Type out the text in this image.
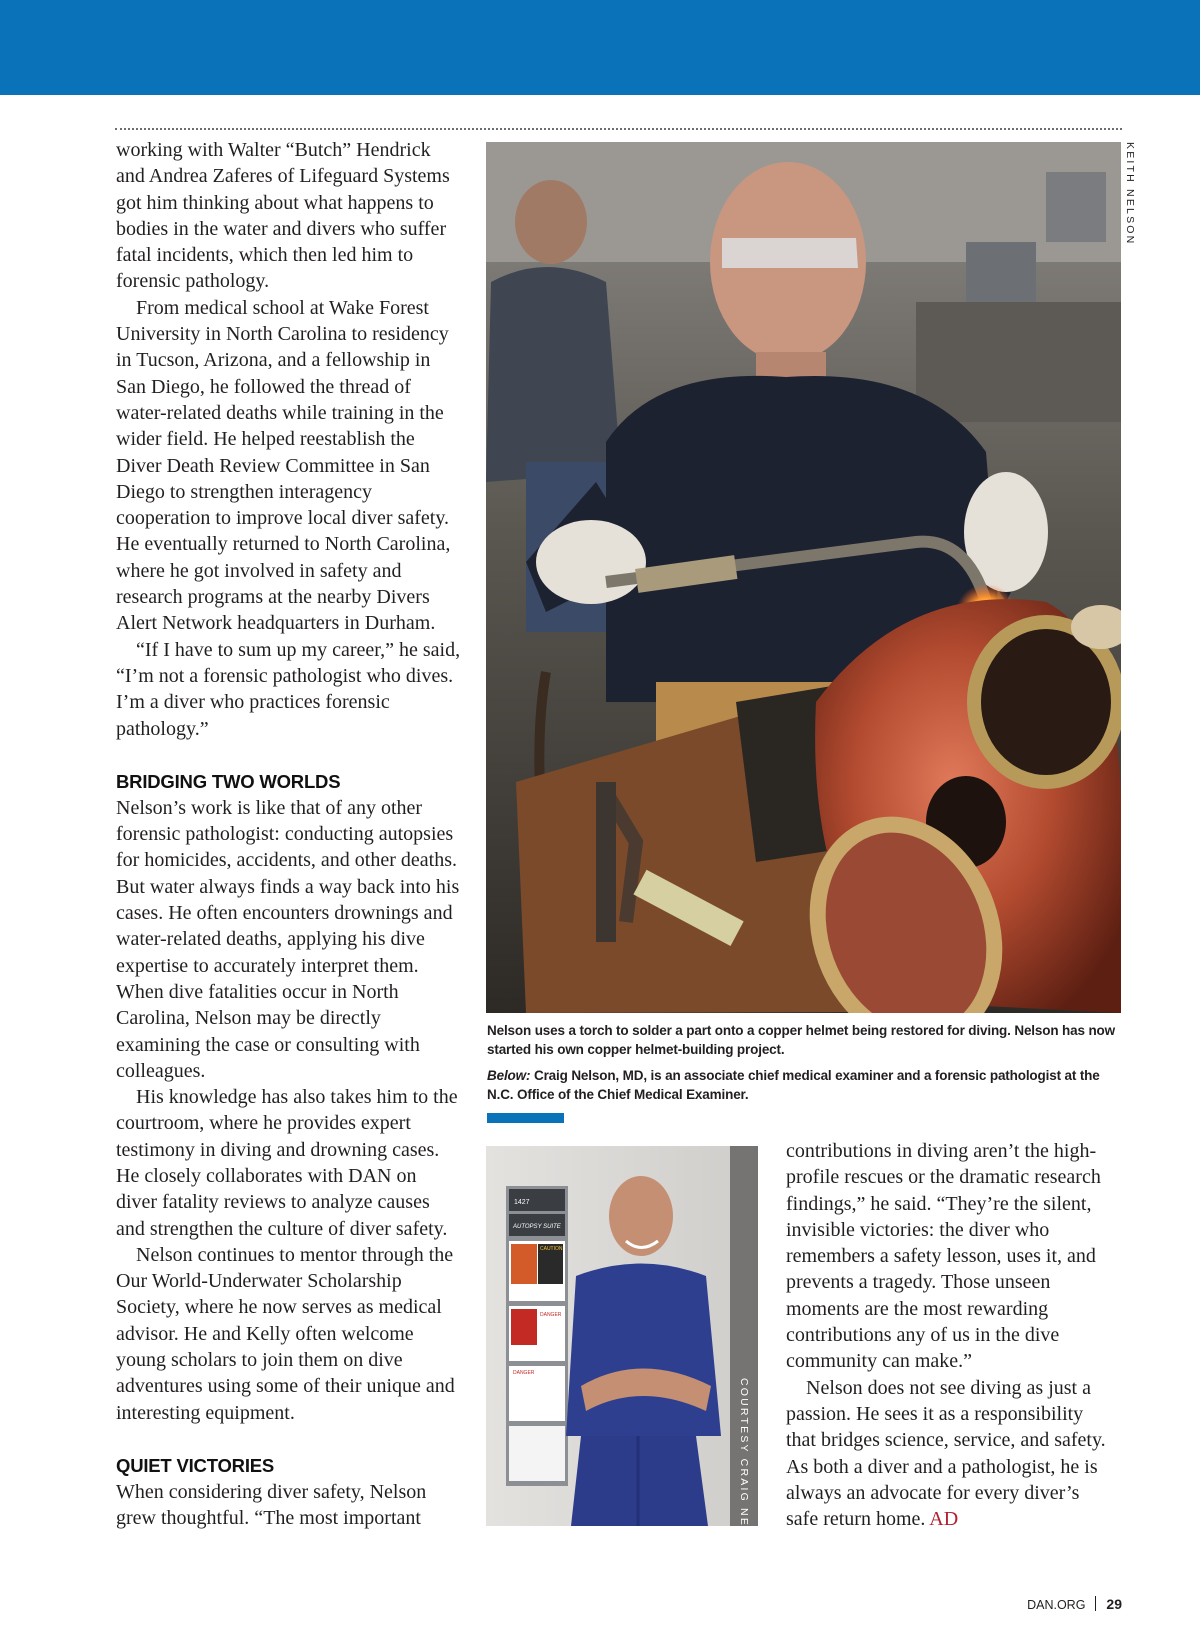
working with Walter “Butch” Hendrick and Andrea Zaferes of Lifeguard Systems got him thinking about what happens to bodies in the water and divers who suffer fatal incidents, which then led him to forensic pathology.

From medical school at Wake Forest University in North Carolina to residency in Tucson, Arizona, and a fellowship in San Diego, he followed the thread of water-related deaths while training in the wider field. He helped reestablish the Diver Death Review Committee in San Diego to strengthen interagency cooperation to improve local diver safety. He eventually returned to North Carolina, where he got involved in safety and research programs at the nearby Divers Alert Network headquarters in Durham.

“If I have to sum up my career,” he said, “I’m not a forensic pathologist who dives. I’m a diver who practices forensic pathology.”

BRIDGING TWO WORLDS

Nelson’s work is like that of any other forensic pathologist: conducting autopsies for homicides, accidents, and other deaths. But water always finds a way back into his cases. He often encounters drownings and water-related deaths, applying his dive expertise to accurately interpret them. When dive fatalities occur in North Carolina, Nelson may be directly examining the case or consulting with colleagues.

His knowledge has also takes him to the courtroom, where he provides expert testimony in diving and drowning cases. He closely collaborates with DAN on diver fatality reviews to analyze causes and strengthen the culture of diver safety.

Nelson continues to mentor through the Our World-Underwater Scholarship Society, where he now serves as medical advisor. He and Kelly often welcome young scholars to join them on dive adventures using some of their unique and interesting equipment.

QUIET VICTORIES

When considering diver safety, Nelson grew thoughtful. “The most important

KEITH NELSON

Nelson uses a torch to solder a part onto a copper helmet being restored for diving. Nelson has now started his own copper helmet-building project.

Below: Craig Nelson, MD, is an associate chief medical examiner and a forensic pathologist at the N.C. Office of the Chief Medical Examiner.

1427
AUTOPSY SUITE
CAUTION
DANGER
DANGER
COURTESY CRAIG NELSON

contributions in diving aren’t the high-profile rescues or the dramatic research findings,” he said. “They’re the silent, invisible victories: the diver who remembers a safety lesson, uses it, and prevents a tragedy. Those unseen moments are the most rewarding contributions any of us in the dive community can make.”

Nelson does not see diving as just a passion. He sees it as a responsibility that bridges science, service, and safety. As both a diver and a pathologist, he is always an advocate for every diver’s safe return home. AD

DAN.ORG 29
